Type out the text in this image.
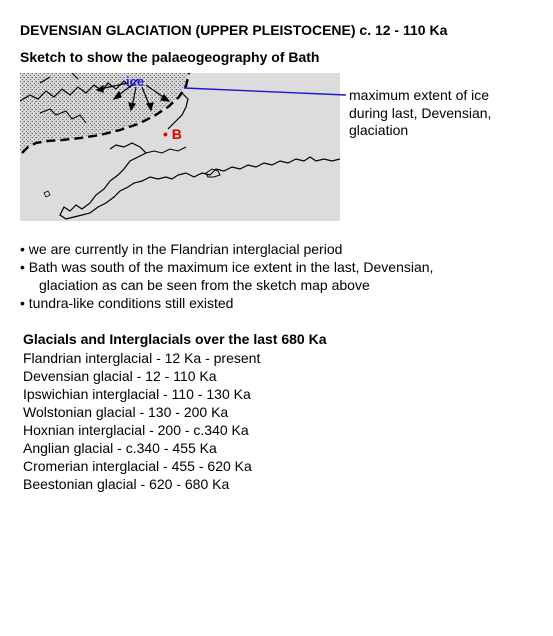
DEVENSIAN GLACIATION (UPPER PLEISTOCENE) c. 12 - 110 Ka
Sketch to show the palaeogeography of Bath
ice
• B
maximum extent of ice
during last, Devensian,
glaciation
• we are currently in the Flandrian interglacial period
• Bath was south of the maximum ice extent in the last, Devensian,
glaciation as can be seen from the sketch map above
• tundra-like conditions still existed
Glacials and Interglacials over the last 680 Ka
Flandrian interglacial - 12 Ka - present
Devensian glacial - 12 - 110 Ka
Ipswichian interglacial - 110 - 130 Ka
Wolstonian glacial - 130 - 200 Ka
Hoxnian interglacial - 200 - c.340 Ka
Anglian glacial - c.340 - 455 Ka
Cromerian interglacial - 455 - 620 Ka
Beestonian glacial - 620 - 680 Ka
